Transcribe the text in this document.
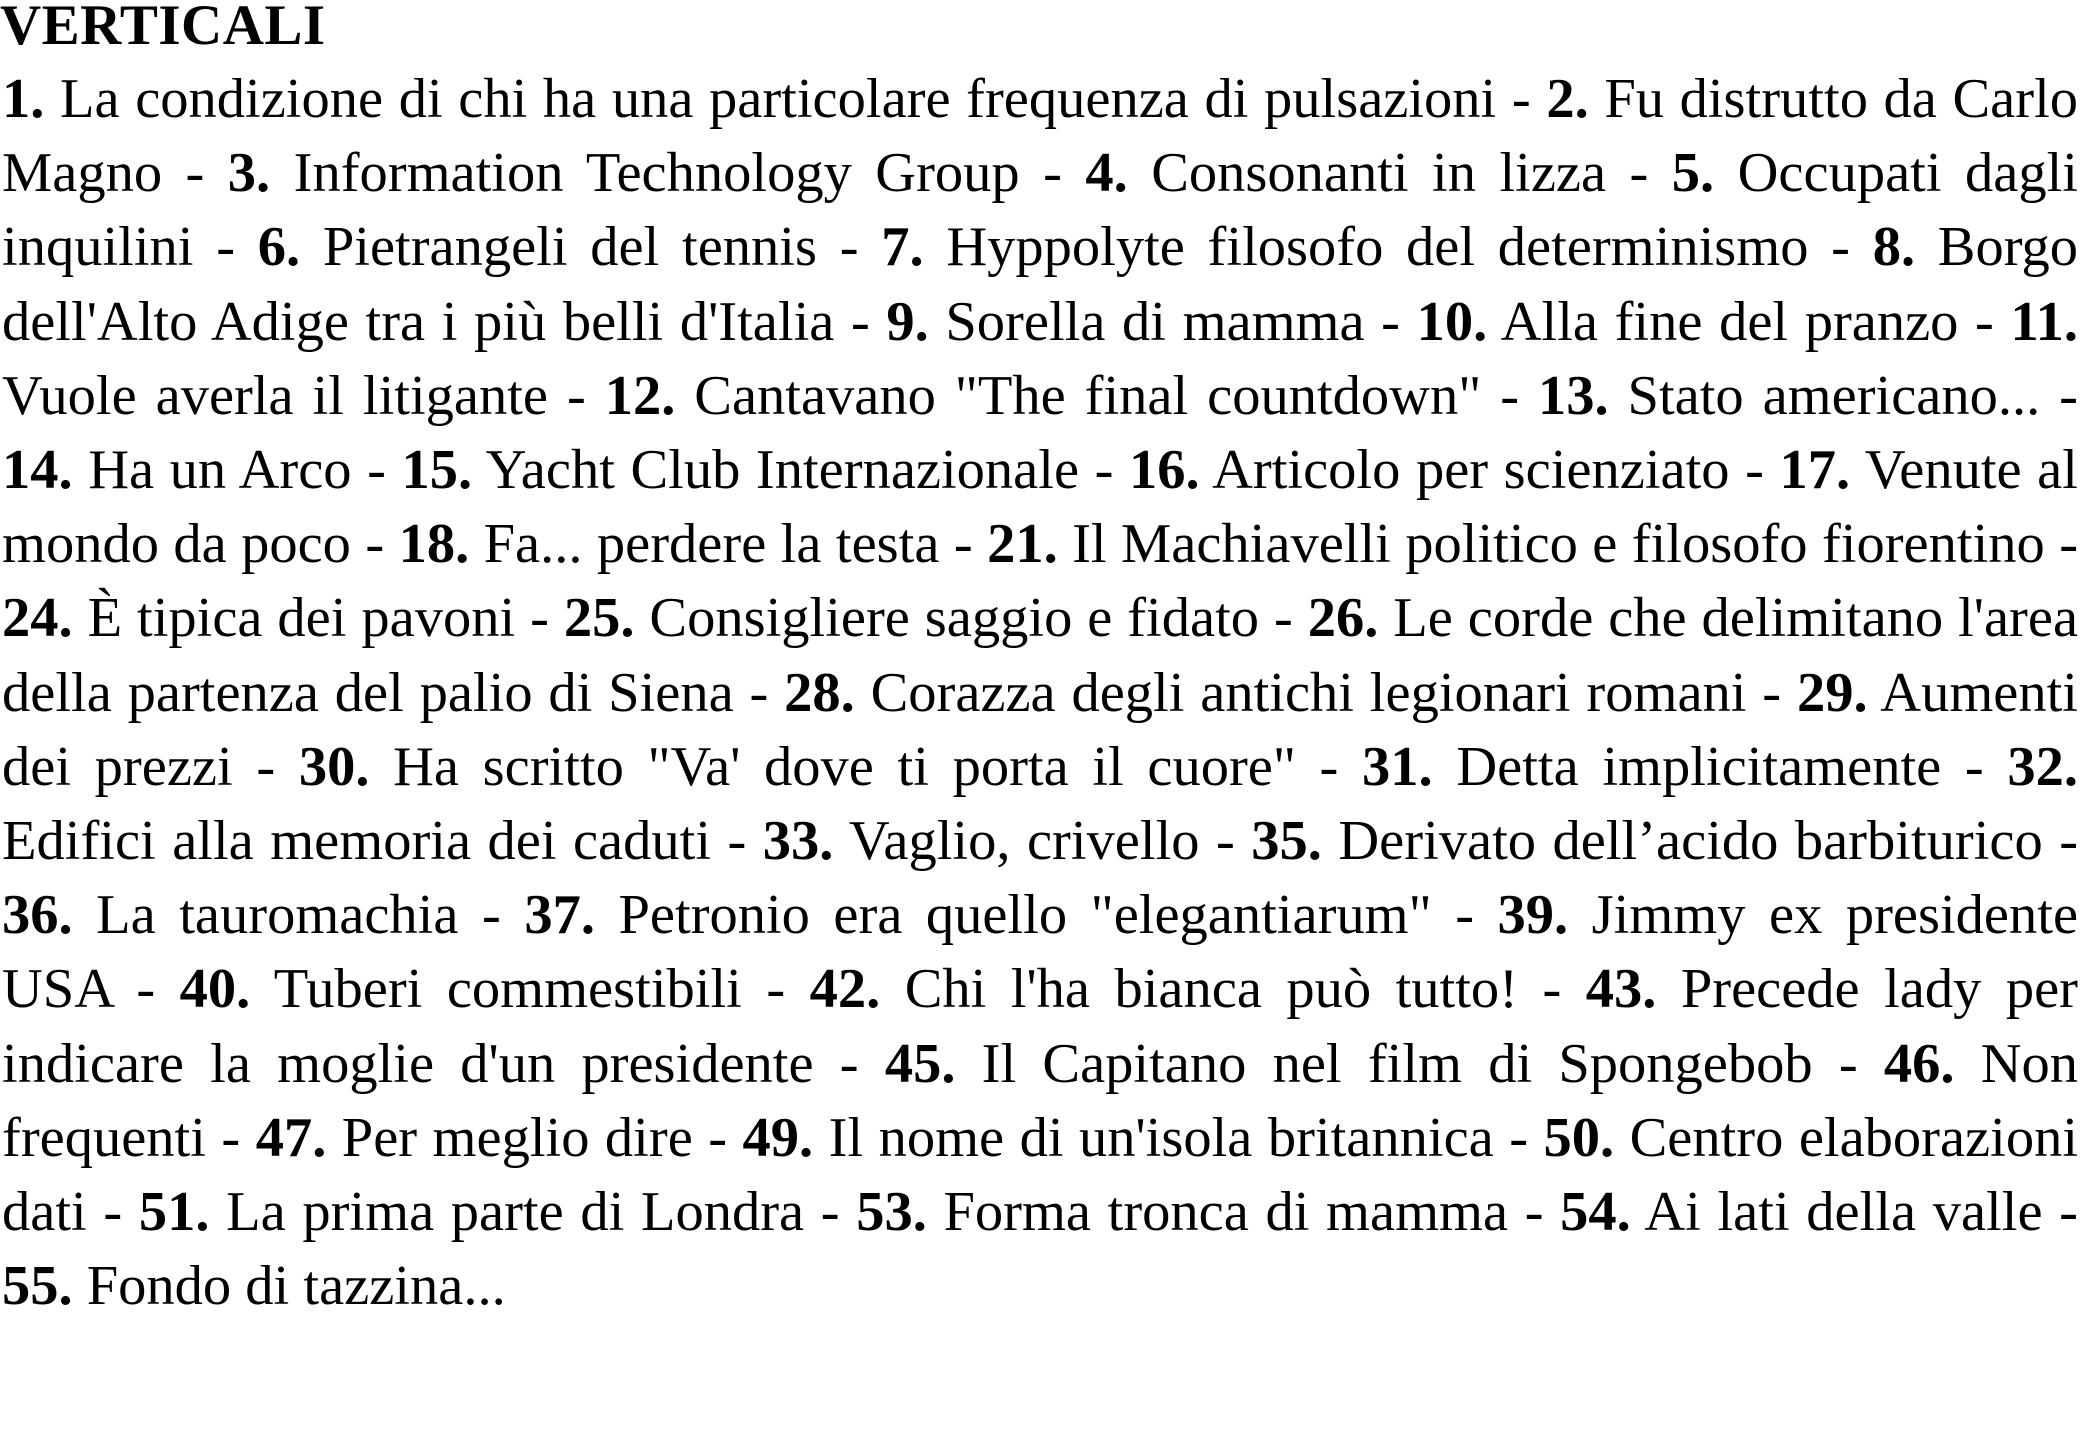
VERTICALI

1. La condizione di chi ha una particolare frequenza di pulsazioni - 2. Fu distrutto da Carlo Magno - 3. Information Technology Group - 4. Consonanti in lizza - 5. Occupati dagli inquilini - 6. Pietrangeli del tennis - 7. Hyppolyte filosofo del determinismo - 8. Borgo dell'Alto Adige tra i più belli d'Italia - 9. Sorella di mamma - 10. Alla fine del pranzo - 11. Vuole averla il litigante - 12. Cantavano "The final countdown" - 13. Stato americano... - 14. Ha un Arco - 15. Yacht Club Internazionale - 16. Articolo per scienziato - 17. Venute al mondo da poco - 18. Fa... perdere la testa - 21. Il Machiavelli politico e filosofo fiorentino - 24. È tipica dei pavoni - 25. Consigliere saggio e fidato - 26. Le corde che delimitano l'area della partenza del palio di Siena - 28. Corazza degli antichi legionari romani - 29. Aumenti dei prezzi - 30. Ha scritto "Va' dove ti porta il cuore" - 31. Detta implicitamente - 32. Edifici alla memoria dei caduti - 33. Vaglio, crivello - 35. Derivato dell’acido barbiturico - 36. La tauromachia - 37. Petronio era quello "elegantiarum" - 39. Jimmy ex presidente USA - 40. Tuberi commestibili - 42. Chi l'ha bianca può tutto! - 43. Precede lady per indicare la moglie d'un presidente - 45. Il Capitano nel film di Spongebob - 46. Non frequenti - 47. Per meglio dire - 49. Il nome di un'isola britannica - 50. Centro elaborazioni dati - 51. La prima parte di Londra - 53. Forma tronca di mamma - 54. Ai lati della valle - 55. Fondo di tazzina...
